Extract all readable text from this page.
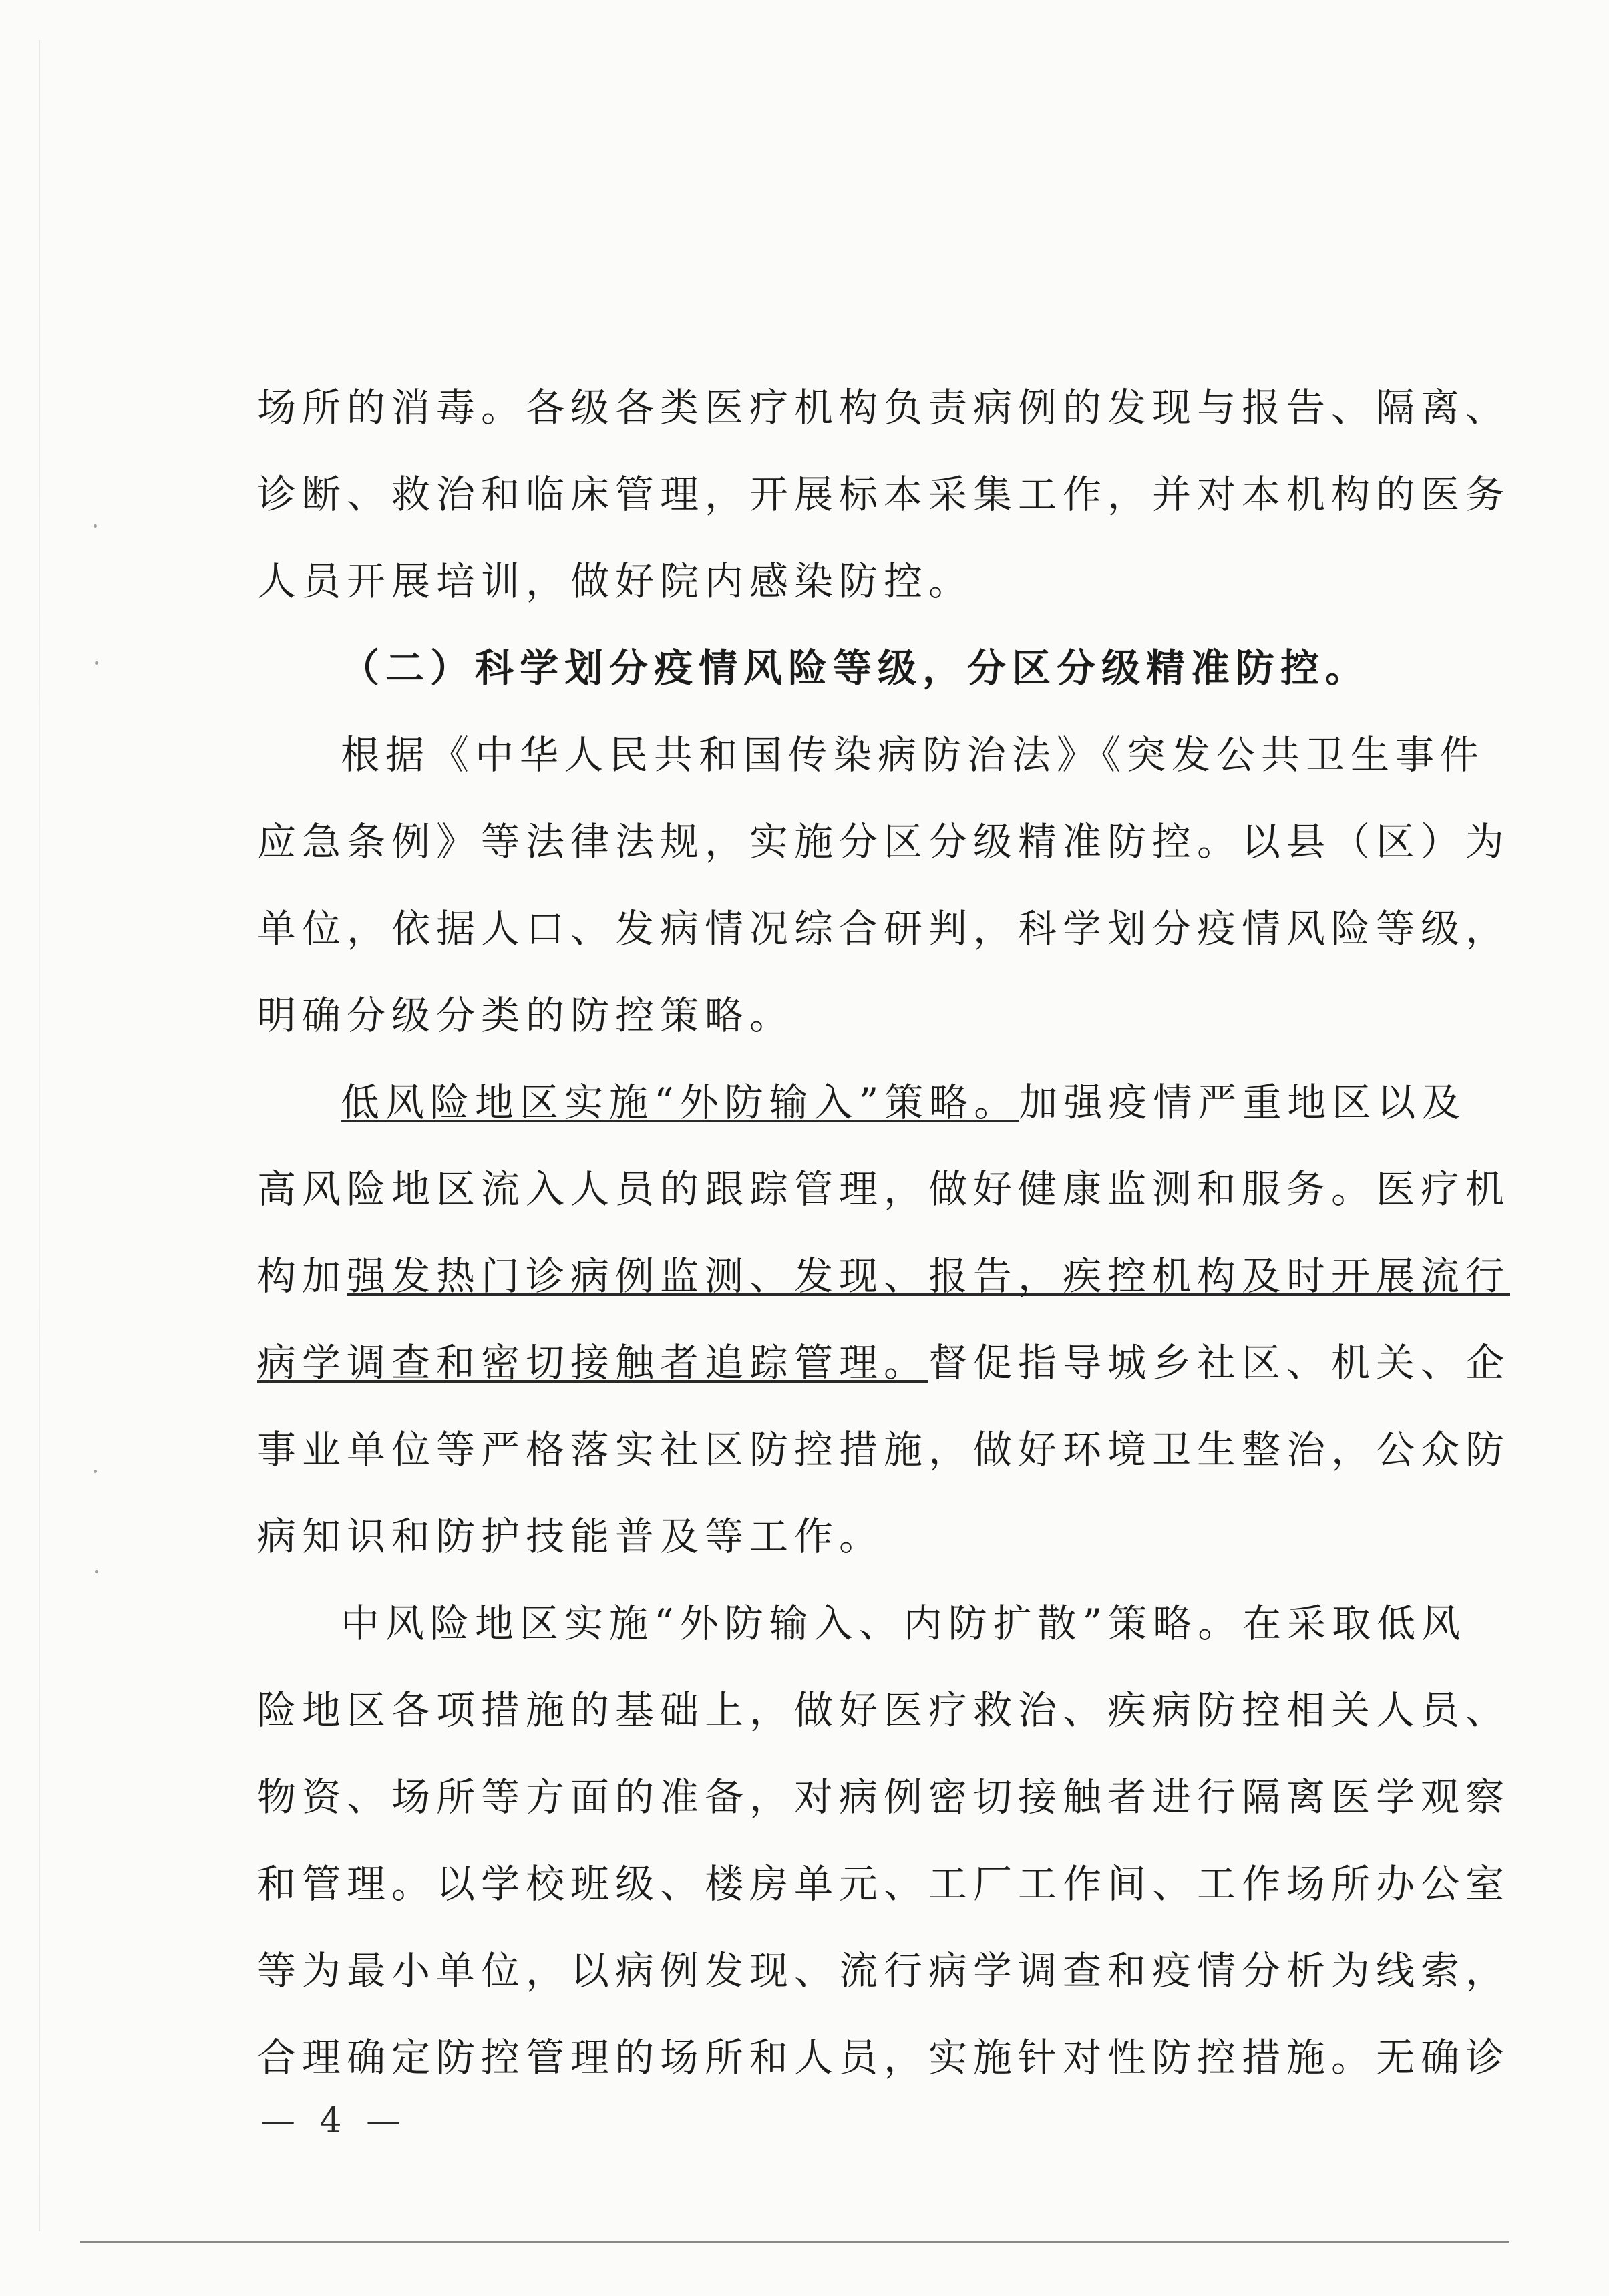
场所的消毒。各级各类医疗机构负责病例的发现与报告、隔离、
诊断、救治和临床管理，开展标本采集工作，并对本机构的医务
人员开展培训，做好院内感染防控。
（二）科学划分疫情风险等级，分区分级精准防控。
根据《中华人民共和国传染病防治法》《突发公共卫生事件
应急条例》等法律法规，实施分区分级精准防控。以县（区）为
单位，依据人口、发病情况综合研判，科学划分疫情风险等级，
明确分级分类的防控策略。
低风险地区实施“外防输入”策略。加强疫情严重地区以及
高风险地区流入人员的跟踪管理，做好健康监测和服务。医疗机
构加强发热门诊病例监测、发现、报告，疾控机构及时开展流行
病学调查和密切接触者追踪管理。督促指导城乡社区、机关、企
事业单位等严格落实社区防控措施，做好环境卫生整治，公众防
病知识和防护技能普及等工作。
中风险地区实施“外防输入、内防扩散”策略。在采取低风
险地区各项措施的基础上，做好医疗救治、疾病防控相关人员、
物资、场所等方面的准备，对病例密切接触者进行隔离医学观察
和管理。以学校班级、楼房单元、工厂工作间、工作场所办公室
等为最小单位，以病例发现、流行病学调查和疫情分析为线索，
合理确定防控管理的场所和人员，实施针对性防控措施。无确诊
— 4 —
